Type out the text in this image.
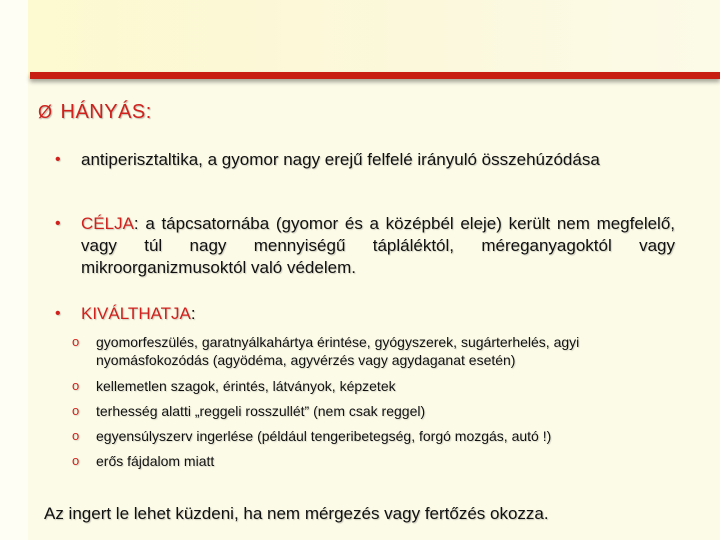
Ø HÁNYÁS:
• antiperisztaltika, a gyomor nagy erejű felfelé irányuló összehúzódása
• CÉLJA: a tápcsatornába (gyomor és a középbél eleje) került nem megfelelő, vagy túl nagy mennyiségű tápláléktól, méreganyagoktól vagy mikroorganizmusoktól való védelem.
• KIVÁLTHATJA:
o gyomorfeszülés, garatnyálkahártya érintése, gyógyszerek, sugárterhelés, agyi nyomásfokozódás (agyödéma, agyvérzés vagy agydaganat esetén)
o kellemetlen szagok, érintés, látványok, képzetek
o terhesség alatti „reggeli rosszullét” (nem csak reggel)
o egyensúlyszerv ingerlése (például tengeribetegség, forgó mozgás, autó !)
o erős fájdalom miatt
Az ingert le lehet küzdeni, ha nem mérgezés vagy fertőzés okozza.
